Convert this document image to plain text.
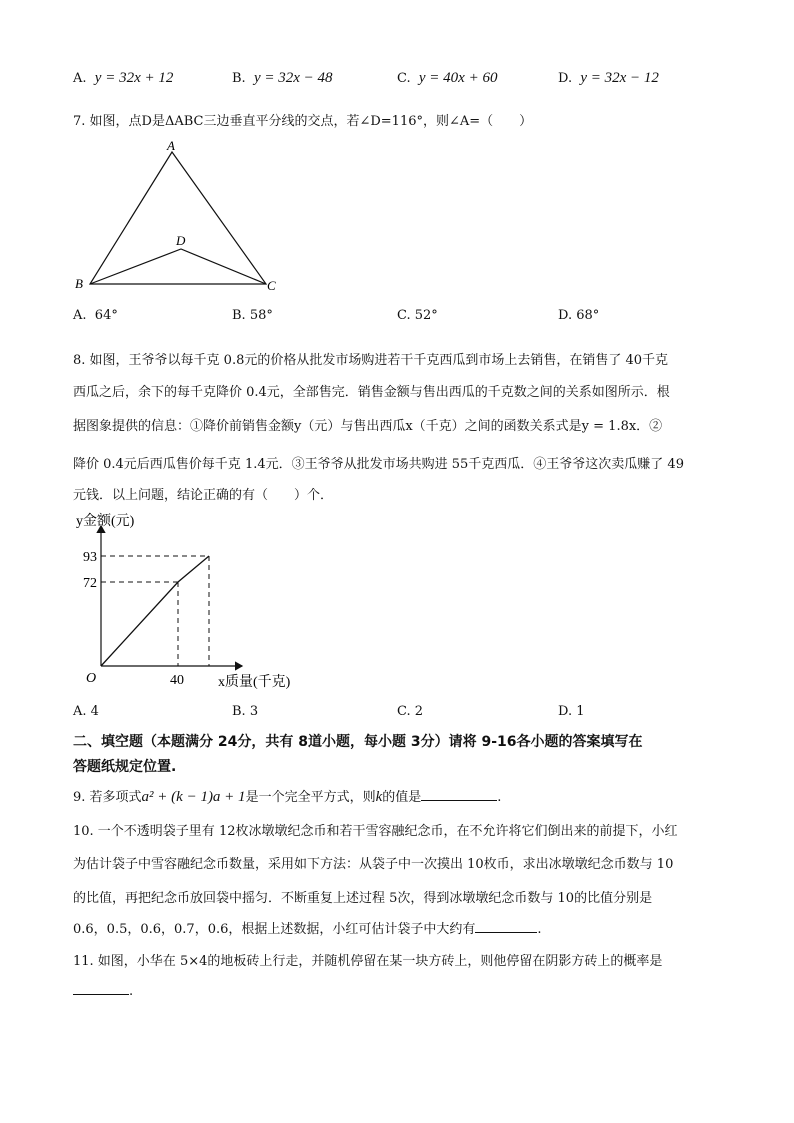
A. y = 32x + 12	B. y = 32x − 48	C. y = 40x + 60	D. y = 32x − 12
7. 如图，点D是ΔABC三边垂直平分线的交点，若∠D=116°，则∠A=（　　）
A
B	C
D
A. 64°	B. 58°	C. 52°	D. 68°
8. 如图，王爷爷以每千克 0.8元的价格从批发市场购进若干千克西瓜到市场上去销售，在销售了 40千克
西瓜之后，余下的每千克降价 0.4元，全部售完．销售金额与售出西瓜的千克数之间的关系如图所示．根
据图象提供的信息：①降价前销售金额y（元）与售出西瓜x（千克）之间的函数关系式是y = 1.8x．②
降价 0.4元后西瓜售价每千克 1.4元．③王爷爷从批发市场共购进 55千克西瓜．④王爷爷这次卖瓜赚了 49
元钱．以上问题，结论正确的有（　　）个．
y金额(元)
x质量(千克)
O
93
72
40
A. 4	B. 3	C. 2	D. 1
二、填空题（本题满分 24分，共有 8道小题，每小题 3分）请将 9-16各小题的答案填写在
答题纸规定位置.
9. 若多项式a² + (k − 1)a + 1是一个完全平方式，则k的值是	.
10. 一个不透明袋子里有 12枚冰墩墩纪念币和若干雪容融纪念币，在不允许将它们倒出来的前提下，小红
为估计袋子中雪容融纪念币数量，采用如下方法：从袋子中一次摸出 10枚币，求出冰墩墩纪念币数与 10
的比值，再把纪念币放回袋中摇匀．不断重复上述过程 5次，得到冰墩墩纪念币数与 10的比值分别是
0.6，0.5，0.6，0.7，0.6，根据上述数据，小红可估计袋子中大约有	.
11. 如图，小华在 5×4的地板砖上行走，并随机停留在某一块方砖上，则他停留在阴影方砖上的概率是
.
